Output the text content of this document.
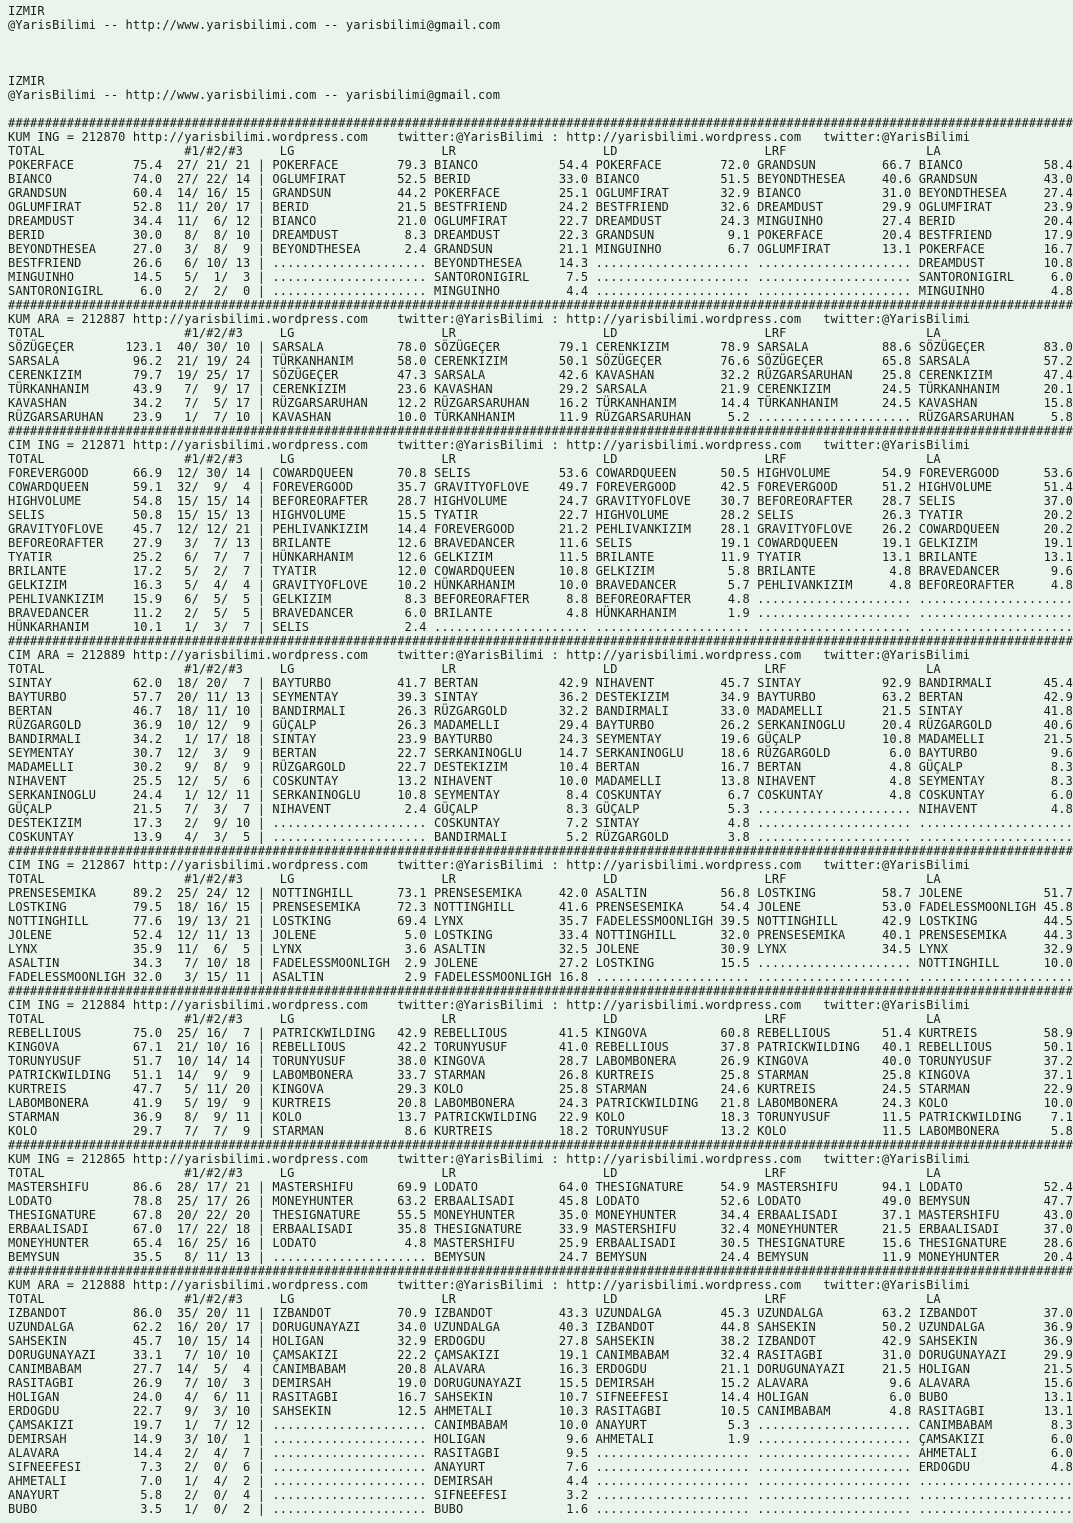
IZMIR
@YarisBilimi -- http://www.yarisbilimi.com -- yarisbilimi@gmail.com
IZMIR
@YarisBilimi -- http://www.yarisbilimi.com -- yarisbilimi@gmail.com
#################################################################################################################################################
KUM ING = 212870 http://yarisbilimi.wordpress.com    twitter:@YarisBilimi : http://yarisbilimi.wordpress.com   twitter:@YarisBilimi
TOTAL                   #1/#2/#3     LG                    LR                    LD                    LRF                   LA
POKERFACE        75.4  27/ 21/ 21 | POKERFACE        79.3 BIANCO           54.4 POKERFACE        72.0 GRANDSUN         66.7 BIANCO           58.4
BIANCO           74.0  27/ 22/ 14 | OGLUMFIRAT       52.5 BERID            33.0 BIANCO           51.5 BEYONDTHESEA     40.6 GRANDSUN         43.0
GRANDSUN         60.4  14/ 16/ 15 | GRANDSUN         44.2 POKERFACE        25.1 OGLUMFIRAT       32.9 BIANCO           31.0 BEYONDTHESEA     27.4
OGLUMFIRAT       52.8  11/ 20/ 17 | BERID            21.5 BESTFRIEND       24.2 BESTFRIEND       32.6 DREAMDUST        29.9 OGLUMFIRAT       23.9
DREAMDUST        34.4  11/  6/ 12 | BIANCO           21.0 OGLUMFIRAT       22.7 DREAMDUST        24.3 MINGUINHO        27.4 BERID            20.4
BERID            30.0   8/  8/ 10 | DREAMDUST         8.3 DREAMDUST        22.3 GRANDSUN          9.1 POKERFACE        20.4 BESTFRIEND       17.9
BEYONDTHESEA     27.0   3/  8/  9 | BEYONDTHESEA      2.4 GRANDSUN         21.1 MINGUINHO         6.7 OGLUMFIRAT       13.1 POKERFACE        16.7
BESTFRIEND       26.6   6/ 10/ 13 | ..................... BEYONDTHESEA     14.3 ..................... ..................... DREAMDUST        10.8
MINGUINHO        14.5   5/  1/  3 | ..................... SANTORONIGIRL     7.5 ..................... ..................... SANTORONIGIRL     6.0
SANTORONIGIRL     6.0   2/  2/  0 | ..................... MINGUINHO         4.4 ..................... ..................... MINGUINHO         4.8
#################################################################################################################################################
KUM ARA = 212887 http://yarisbilimi.wordpress.com    twitter:@YarisBilimi : http://yarisbilimi.wordpress.com   twitter:@YarisBilimi
TOTAL                   #1/#2/#3     LG                    LR                    LD                    LRF                   LA
SÖZÜGEÇER       123.1  40/ 30/ 10 | SARSALA          78.0 SÖZÜGEÇER        79.1 CERENKIZIM       78.9 SARSALA          88.6 SÖZÜGEÇER        83.0
SARSALA          96.2  21/ 19/ 24 | TÜRKANHANIM      58.0 CERENKIZIM       50.1 SÖZÜGEÇER        76.6 SÖZÜGEÇER        65.8 SARSALA          57.2
CERENKIZIM       79.7  19/ 25/ 17 | SÖZÜGEÇER        47.3 SARSALA          42.6 KAVASHAN         32.2 RÜZGARSARUHAN    25.8 CERENKIZIM       47.4
TÜRKANHANIM      43.9   7/  9/ 17 | CERENKIZIM       23.6 KAVASHAN         29.2 SARSALA          21.9 CERENKIZIM       24.5 TÜRKANHANIM      20.1
KAVASHAN         34.2   7/  5/ 17 | RÜZGARSARUHAN    12.2 RÜZGARSARUHAN    16.2 TÜRKANHANIM      14.4 TÜRKANHANIM      24.5 KAVASHAN         15.8
RÜZGARSARUHAN    23.9   1/  7/ 10 | KAVASHAN         10.0 TÜRKANHANIM      11.9 RÜZGARSARUHAN     5.2 ..................... RÜZGARSARUHAN     5.8
#################################################################################################################################################
CIM ING = 212871 http://yarisbilimi.wordpress.com    twitter:@YarisBilimi : http://yarisbilimi.wordpress.com   twitter:@YarisBilimi
TOTAL                   #1/#2/#3     LG                    LR                    LD                    LRF                   LA
FOREVERGOOD      66.9  12/ 30/ 14 | COWARDQUEEN      70.8 SELIS            53.6 COWARDQUEEN      50.5 HIGHVOLUME       54.9 FOREVERGOOD      53.6
COWARDQUEEN      59.1  32/  9/  4 | FOREVERGOOD      35.7 GRAVITYOFLOVE    49.7 FOREVERGOOD      42.5 FOREVERGOOD      51.2 HIGHVOLUME       51.4
HIGHVOLUME       54.8  15/ 15/ 14 | BEFOREORAFTER    28.7 HIGHVOLUME       24.7 GRAVITYOFLOVE    30.7 BEFOREORAFTER    28.7 SELIS            37.0
SELIS            50.8  15/ 15/ 13 | HIGHVOLUME       15.5 TYATIR           22.7 HIGHVOLUME       28.2 SELIS            26.3 TYATIR           20.2
GRAVITYOFLOVE    45.7  12/ 12/ 21 | PEHLIVANKIZIM    14.4 FOREVERGOOD      21.2 PEHLIVANKIZIM    28.1 GRAVITYOFLOVE    26.2 COWARDQUEEN      20.2
BEFOREORAFTER    27.9   3/  7/ 13 | BRILANTE         12.6 BRAVEDANCER      11.6 SELIS            19.1 COWARDQUEEN      19.1 GELKIZIM         19.1
TYATIR           25.2   6/  7/  7 | HÜNKARHANIM      12.6 GELKIZIM         11.5 BRILANTE         11.9 TYATIR           13.1 BRILANTE         13.1
BRILANTE         17.2   5/  2/  7 | TYATIR           12.0 COWARDQUEEN      10.8 GELKIZIM          5.8 BRILANTE          4.8 BRAVEDANCER       9.6
GELKIZIM         16.3   5/  4/  4 | GRAVITYOFLOVE    10.2 HÜNKARHANIM      10.0 BRAVEDANCER       5.7 PEHLIVANKIZIM     4.8 BEFOREORAFTER     4.8
PEHLIVANKIZIM    15.9   6/  5/  5 | GELKIZIM          8.3 BEFOREORAFTER     8.8 BEFOREORAFTER     4.8 ..................... .....................
BRAVEDANCER      11.2   2/  5/  5 | BRAVEDANCER       6.0 BRILANTE          4.8 HÜNKARHANIM       1.9 ..................... .....................
HÜNKARHANIM      10.1   1/  3/  7 | SELIS             2.4 ..................... ..................... ..................... .....................
#################################################################################################################################################
CIM ARA = 212889 http://yarisbilimi.wordpress.com    twitter:@YarisBilimi : http://yarisbilimi.wordpress.com   twitter:@YarisBilimi
TOTAL                   #1/#2/#3     LG                    LR                    LD                    LRF                   LA
SINTAY           62.0  18/ 20/  7 | BAYTURBO         41.7 BERTAN           42.9 NIHAVENT         45.7 SINTAY           92.9 BANDIRMALI       45.4
BAYTURBO         57.7  20/ 11/ 13 | SEYMENTAY        39.3 SINTAY           36.2 DESTEKIZIM       34.9 BAYTURBO         63.2 BERTAN           42.9
BERTAN           46.7  18/ 11/ 10 | BANDIRMALI       26.3 RÜZGARGOLD       32.2 BANDIRMALI       33.0 MADAMELLI        21.5 SINTAY           41.8
RÜZGARGOLD       36.9  10/ 12/  9 | GÜÇALP           26.3 MADAMELLI        29.4 BAYTURBO         26.2 SERKANINOGLU     20.4 RÜZGARGOLD       40.6
BANDIRMALI       34.2   1/ 17/ 18 | SINTAY           23.9 BAYTURBO         24.3 SEYMENTAY        19.6 GÜÇALP           10.8 MADAMELLI        21.5
SEYMENTAY        30.7  12/  3/  9 | BERTAN           22.7 SERKANINOGLU     14.7 SERKANINOGLU     18.6 RÜZGARGOLD        6.0 BAYTURBO          9.6
MADAMELLI        30.2   9/  8/  9 | RÜZGARGOLD       22.7 DESTEKIZIM       10.4 BERTAN           16.7 BERTAN            4.8 GÜÇALP            8.3
NIHAVENT         25.5  12/  5/  6 | COSKUNTAY        13.2 NIHAVENT         10.0 MADAMELLI        13.8 NIHAVENT          4.8 SEYMENTAY         8.3
SERKANINOGLU     24.4   1/ 12/ 11 | SERKANINOGLU     10.8 SEYMENTAY         8.4 COSKUNTAY         6.7 COSKUNTAY         4.8 COSKUNTAY         6.0
GÜÇALP           21.5   7/  3/  7 | NIHAVENT          2.4 GÜÇALP            8.3 GÜÇALP            5.3 ..................... NIHAVENT          4.8
DESTEKIZIM       17.3   2/  9/ 10 | ..................... COSKUNTAY         7.2 SINTAY            4.8 ..................... .....................
COSKUNTAY        13.9   4/  3/  5 | ..................... BANDIRMALI        5.2 RÜZGARGOLD        3.8 ..................... .....................
#################################################################################################################################################
CIM ING = 212867 http://yarisbilimi.wordpress.com    twitter:@YarisBilimi : http://yarisbilimi.wordpress.com   twitter:@YarisBilimi
TOTAL                   #1/#2/#3     LG                    LR                    LD                    LRF                   LA
PRENSESEMIKA     89.2  25/ 24/ 12 | NOTTINGHILL      73.1 PRENSESEMIKA     42.0 ASALTIN          56.8 LOSTKING         58.7 JOLENE           51.7
LOSTKING         79.5  18/ 16/ 15 | PRENSESEMIKA     72.3 NOTTINGHILL      41.6 PRENSESEMIKA     54.4 JOLENE           53.0 FADELESSMOONLIGH 45.8
NOTTINGHILL      77.6  19/ 13/ 21 | LOSTKING         69.4 LYNX             35.7 FADELESSMOONLIGH 39.5 NOTTINGHILL      42.9 LOSTKING         44.5
JOLENE           52.4  12/ 11/ 13 | JOLENE            5.0 LOSTKING         33.4 NOTTINGHILL      32.0 PRENSESEMIKA     40.1 PRENSESEMIKA     44.3
LYNX             35.9  11/  6/  5 | LYNX              3.6 ASALTIN          32.5 JOLENE           30.9 LYNX             34.5 LYNX             32.9
ASALTIN          34.3   7/ 10/ 18 | FADELESSMOONLIGH  2.9 JOLENE           27.2 LOSTKING         15.5 ..................... NOTTINGHILL      10.0
FADELESSMOONLIGH 32.0   3/ 15/ 11 | ASALTIN           2.9 FADELESSMOONLIGH 16.8 ..................... ..................... .....................
#################################################################################################################################################
CIM ING = 212884 http://yarisbilimi.wordpress.com    twitter:@YarisBilimi : http://yarisbilimi.wordpress.com   twitter:@YarisBilimi
TOTAL                   #1/#2/#3     LG                    LR                    LD                    LRF                   LA
REBELLIOUS       75.0  25/ 16/  7 | PATRICKWILDING   42.9 REBELLIOUS       41.5 KINGOVA          60.8 REBELLIOUS       51.4 KURTREIS         58.9
KINGOVA          67.1  21/ 10/ 16 | REBELLIOUS       42.2 TORUNYUSUF       41.0 REBELLIOUS       37.8 PATRICKWILDING   40.1 REBELLIOUS       50.1
TORUNYUSUF       51.7  10/ 14/ 14 | TORUNYUSUF       38.0 KINGOVA          28.7 LABOMBONERA      26.9 KINGOVA          40.0 TORUNYUSUF       37.2
PATRICKWILDING   51.1  14/  9/  9 | LABOMBONERA      33.7 STARMAN          26.8 KURTREIS         25.8 STARMAN          25.8 KINGOVA          37.1
KURTREIS         47.7   5/ 11/ 20 | KINGOVA          29.3 KOLO             25.8 STARMAN          24.6 KURTREIS         24.5 STARMAN          22.9
LABOMBONERA      41.9   5/ 19/  9 | KURTREIS         20.8 LABOMBONERA      24.3 PATRICKWILDING   21.8 LABOMBONERA      24.3 KOLO             10.0
STARMAN          36.9   8/  9/ 11 | KOLO             13.7 PATRICKWILDING   22.9 KOLO             18.3 TORUNYUSUF       11.5 PATRICKWILDING    7.1
KOLO             29.7   7/  7/  9 | STARMAN           8.6 KURTREIS         18.2 TORUNYUSUF       13.2 KOLO             11.5 LABOMBONERA       5.8
#################################################################################################################################################
KUM ING = 212865 http://yarisbilimi.wordpress.com    twitter:@YarisBilimi : http://yarisbilimi.wordpress.com   twitter:@YarisBilimi
TOTAL                   #1/#2/#3     LG                    LR                    LD                    LRF                   LA
MASTERSHIFU      86.6  28/ 17/ 21 | MASTERSHIFU      69.9 LODATO           64.0 THESIGNATURE     54.9 MASTERSHIFU      94.1 LODATO           52.4
LODATO           78.8  25/ 17/ 26 | MONEYHUNTER      63.2 ERBAALISADI      45.8 LODATO           52.6 LODATO           49.0 BEMYSUN          47.7
THESIGNATURE     67.8  20/ 22/ 20 | THESIGNATURE     55.5 MONEYHUNTER      35.0 MONEYHUNTER      34.4 ERBAALISADI      37.1 MASTERSHIFU      43.0
ERBAALISADI      67.0  17/ 22/ 18 | ERBAALISADI      35.8 THESIGNATURE     33.9 MASTERSHIFU      32.4 MONEYHUNTER      21.5 ERBAALISADI      37.0
MONEYHUNTER      65.4  16/ 25/ 16 | LODATO            4.8 MASTERSHIFU      25.9 ERBAALISADI      30.5 THESIGNATURE     15.6 THESIGNATURE     28.6
BEMYSUN          35.5   8/ 11/ 13 | ..................... BEMYSUN          24.7 BEMYSUN          24.4 BEMYSUN          11.9 MONEYHUNTER      20.4
#################################################################################################################################################
KUM ARA = 212888 http://yarisbilimi.wordpress.com    twitter:@YarisBilimi : http://yarisbilimi.wordpress.com   twitter:@YarisBilimi
TOTAL                   #1/#2/#3     LG                    LR                    LD                    LRF                   LA
IZBANDOT         86.0  35/ 20/ 11 | IZBANDOT         70.9 IZBANDOT         43.3 UZUNDALGA        45.3 UZUNDALGA        63.2 IZBANDOT         37.0
UZUNDALGA        62.2  16/ 20/ 17 | DORUGUNAYAZI     34.0 UZUNDALGA        40.3 IZBANDOT         44.8 SAHSEKIN         50.2 UZUNDALGA        36.9
SAHSEKIN         45.7  10/ 15/ 14 | HOLIGAN          32.9 ERDOGDU          27.8 SAHSEKIN         38.2 IZBANDOT         42.9 SAHSEKIN         36.9
DORUGUNAYAZI     33.1   7/ 10/ 10 | ÇAMSAKIZI        22.2 ÇAMSAKIZI        19.1 CANIMBABAM       32.4 RASITAGBI        31.0 DORUGUNAYAZI     29.9
CANIMBABAM       27.7  14/  5/  4 | CANIMBABAM       20.8 ALAVARA          16.3 ERDOGDU          21.1 DORUGUNAYAZI     21.5 HOLIGAN          21.5
RASITAGBI        26.9   7/ 10/  3 | DEMIRSAH         19.0 DORUGUNAYAZI     15.5 DEMIRSAH         15.2 ALAVARA           9.6 ALAVARA          15.6
HOLIGAN          24.0   4/  6/ 11 | RASITAGBI        16.7 SAHSEKIN         10.7 SIFNEEFESI       14.4 HOLIGAN           6.0 BUBO             13.1
ERDOGDU          22.7   9/  3/ 10 | SAHSEKIN         12.5 AHMETALI         10.3 RASITAGBI        10.5 CANIMBABAM        4.8 RASITAGBI        13.1
ÇAMSAKIZI        19.7   1/  7/ 12 | ..................... CANIMBABAM       10.0 ANAYURT           5.3 ..................... CANIMBABAM        8.3
DEMIRSAH         14.9   3/ 10/  1 | ..................... HOLIGAN           9.6 AHMETALI          1.9 ..................... ÇAMSAKIZI         6.0
ALAVARA          14.4   2/  4/  7 | ..................... RASITAGBI         9.5 ..................... ..................... AHMETALI          6.0
SIFNEEFESI        7.3   2/  0/  6 | ..................... ANAYURT           7.6 ..................... ..................... ERDOGDU           4.8
AHMETALI          7.0   1/  4/  2 | ..................... DEMIRSAH          4.4 ..................... ..................... .....................
ANAYURT           5.8   2/  0/  4 | ..................... SIFNEEFESI        3.2 ..................... ..................... .....................
BUBO              3.5   1/  0/  2 | ..................... BUBO              1.6 ..................... ..................... .....................
